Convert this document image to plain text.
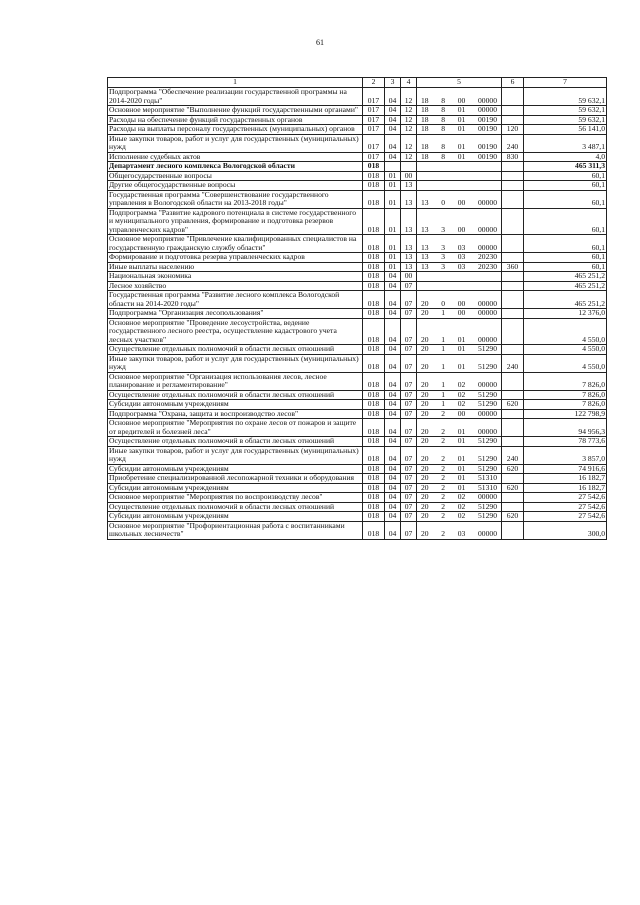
61
1	2	3	4	5	6	7
Подпрограмма "Обеспечение реализации государственной программы на 2014-2020 годы"	017	04	12	18 8 00 00000		59 632,1
Основное мероприятие "Выполнение функций государственными органами"	017	04	12	18 8 01 00000		59 632,1
Расходы на обеспечение функций государственных органов	017	04	12	18 8 01 00190		59 632,1
Расходы на выплаты персоналу государственных (муниципальных) органов	017	04	12	18 8 01 00190	120	56 141,0
Иные закупки товаров, работ и услуг для государственных (муниципальных) нужд	017	04	12	18 8 01 00190	240	3 487,1
Исполнение судебных актов	017	04	12	18 8 01 00190	830	4,0
Департамент лесного комплекса Вологодской области	018					465 311,3
Общегосударственные вопросы	018	01	00			60,1
Другие общегосударственные вопросы	018	01	13			60,1
Государственная программа "Совершенствование государственного управления в Вологодской области на 2013-2018 годы"	018	01	13	13 0 00 00000		60,1
Подпрограмма "Развитие кадрового потенциала в системе государственного и муниципального управления, формирование и подготовка резервов управленческих кадров"	018	01	13	13 3 00 00000		60,1
Основное мероприятие "Привлечение квалифицированных специалистов на государственную гражданскую службу области"	018	01	13	13 3 03 00000		60,1
Формирование и подготовка резерва управленческих кадров	018	01	13	13 3 03 20230		60,1
Иные выплаты населению	018	01	13	13 3 03 20230	360	60,1
Национальная экономика	018	04	00			465 251,2
Лесное хозяйство	018	04	07			465 251,2
Государственная программа "Развитие лесного комплекса Вологодской области на 2014-2020 годы"	018	04	07	20 0 00 00000		465 251,2
Подпрограмма "Организация лесопользования"	018	04	07	20 1 00 00000		12 376,0
Основное мероприятие "Проведение лесоустройства, ведение государственного лесного реестра, осуществление кадастрового учета лесных участков"	018	04	07	20 1 01 00000		4 550,0
Осуществление отдельных полномочий в области лесных отношений	018	04	07	20 1 01 51290		4 550,0
Иные закупки товаров, работ и услуг для государственных (муниципальных) нужд	018	04	07	20 1 01 51290	240	4 550,0
Основное мероприятие "Организация использования лесов, лесное планирование и регламентирование"	018	04	07	20 1 02 00000		7 826,0
Осуществление отдельных полномочий в области лесных отношений	018	04	07	20 1 02 51290		7 826,0
Субсидии автономным учреждениям	018	04	07	20 1 02 51290	620	7 826,0
Подпрограмма "Охрана, защита и воспроизводство лесов"	018	04	07	20 2 00 00000		122 798,9
Основное мероприятие "Мероприятия по охране лесов от пожаров и защите от вредителей и болезней леса"	018	04	07	20 2 01 00000		94 956,3
Осуществление отдельных полномочий в области лесных отношений	018	04	07	20 2 01 51290		78 773,6
Иные закупки товаров, работ и услуг для государственных (муниципальных) нужд	018	04	07	20 2 01 51290	240	3 857,0
Субсидии автономным учреждениям	018	04	07	20 2 01 51290	620	74 916,6
Приобретение специализированной лесопожарной техники и оборудования	018	04	07	20 2 01 51310		16 182,7
Субсидии автономным учреждениям	018	04	07	20 2 01 51310	620	16 182,7
Основное мероприятие "Мероприятия по воспроизводству лесов"	018	04	07	20 2 02 00000		27 542,6
Осуществление отдельных полномочий в области лесных отношений	018	04	07	20 2 02 51290		27 542,6
Субсидии автономным учреждениям	018	04	07	20 2 02 51290	620	27 542,6
Основное мероприятие "Профориентационная работа с воспитанниками школьных лесничеств"	018	04	07	20 2 03 00000		300,0
